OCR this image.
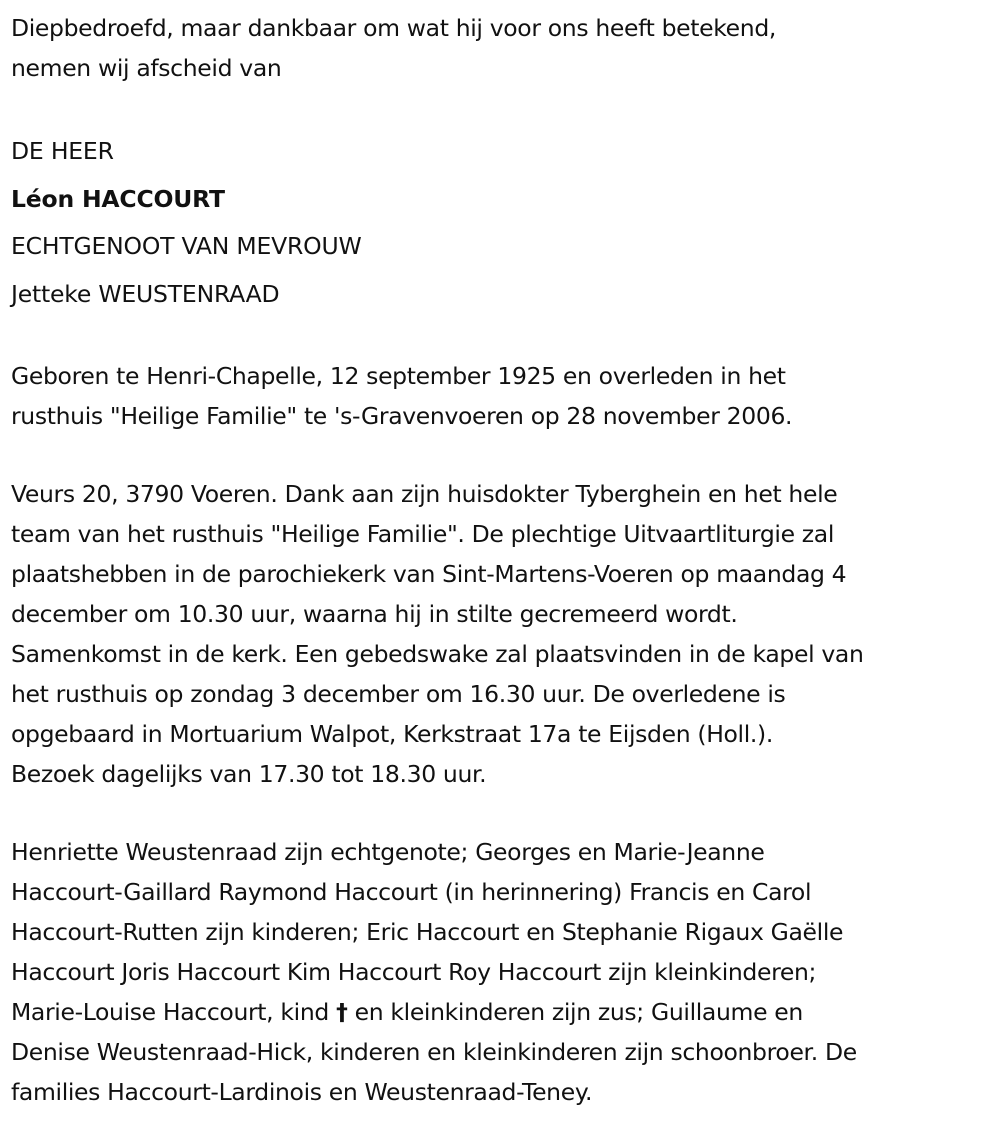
Diepbedroefd, maar dankbaar om wat hij voor ons heeft betekend,

nemen wij afscheid van

DE HEER

Léon HACCOURT

ECHTGENOOT VAN MEVROUW

Jetteke WEUSTENRAAD

Geboren te Henri-Chapelle, 12 september 1925 en overleden in het

rusthuis "Heilige Familie" te 's-Gravenvoeren op 28 november 2006.

Veurs 20, 3790 Voeren. Dank aan zijn huisdokter Tyberghein en het hele

team van het rusthuis "Heilige Familie". De plechtige Uitvaartliturgie zal

plaatshebben in de parochiekerk van Sint-Martens-Voeren op maandag 4

december om 10.30 uur, waarna hij in stilte gecremeerd wordt.

Samenkomst in de kerk. Een gebedswake zal plaatsvinden in de kapel van

het rusthuis op zondag 3 december om 16.30 uur. De overledene is

opgebaard in Mortuarium Walpot, Kerkstraat 17a te Eijsden (Holl.).

Bezoek dagelijks van 17.30 tot 18.30 uur.

Henriette Weustenraad zijn echtgenote; Georges en Marie-Jeanne

Haccourt-Gaillard Raymond Haccourt (in herinnering) Francis en Carol

Haccourt-Rutten zijn kinderen; Eric Haccourt en Stephanie Rigaux Gaëlle

Haccourt Joris Haccourt Kim Haccourt Roy Haccourt zijn kleinkinderen;

Marie-Louise Haccourt, kind † en kleinkinderen zijn zus; Guillaume en

Denise Weustenraad-Hick, kinderen en kleinkinderen zijn schoonbroer. De

families Haccourt-Lardinois en Weustenraad-Teney.
